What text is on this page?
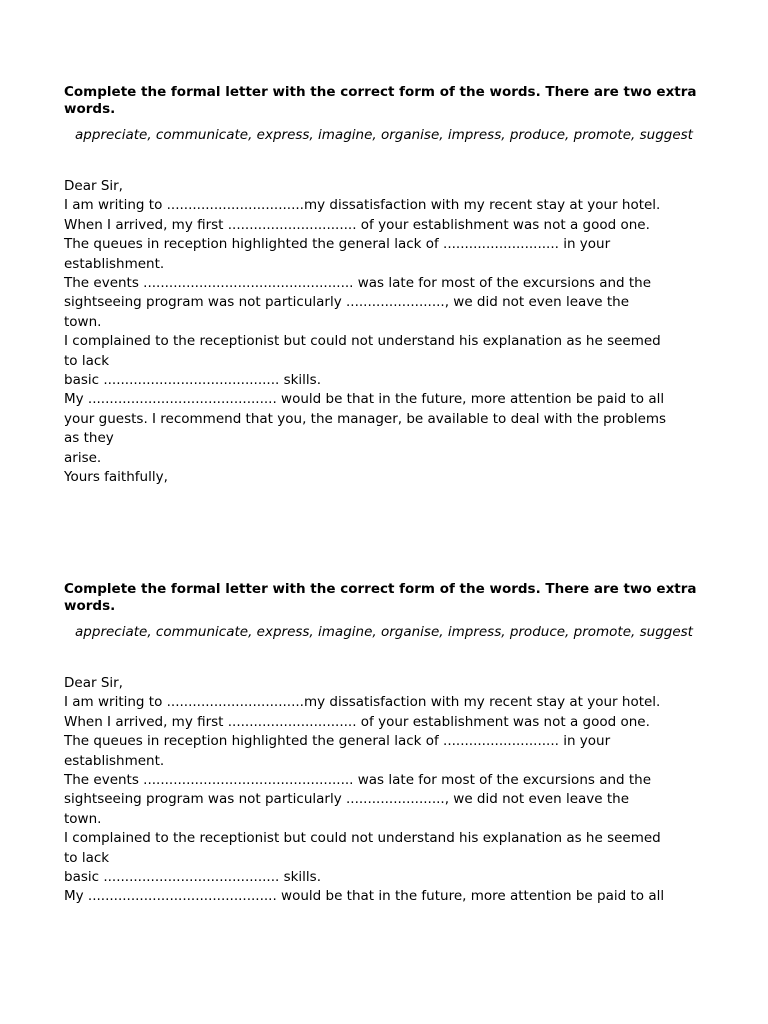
Complete the formal letter with the correct form of the words. There are two extra words.

appreciate, communicate, express, imagine, organise, impress, produce, promote, suggest

Dear Sir,

I am writing to ................................my dissatisfaction with my recent stay at your hotel.

When I arrived, my first .............................. of your establishment was not a good one.

The queues in reception highlighted the general lack of ........................... in your

establishment.

The events ................................................. was late for most of the excursions and the

sightseeing program was not particularly ......................., we did not even leave the

town.

I complained to the receptionist but could not understand his explanation as he seemed

to lack

basic ......................................... skills.

My ............................................ would be that in the future, more attention be paid to all

your guests. I recommend that you, the manager, be available to deal with the problems

as they

arise.

Yours faithfully,

Complete the formal letter with the correct form of the words. There are two extra words.

appreciate, communicate, express, imagine, organise, impress, produce, promote, suggest

Dear Sir,

I am writing to ................................my dissatisfaction with my recent stay at your hotel.

When I arrived, my first .............................. of your establishment was not a good one.

The queues in reception highlighted the general lack of ........................... in your

establishment.

The events ................................................. was late for most of the excursions and the

sightseeing program was not particularly ......................., we did not even leave the

town.

I complained to the receptionist but could not understand his explanation as he seemed

to lack

basic ......................................... skills.

My ............................................ would be that in the future, more attention be paid to all
